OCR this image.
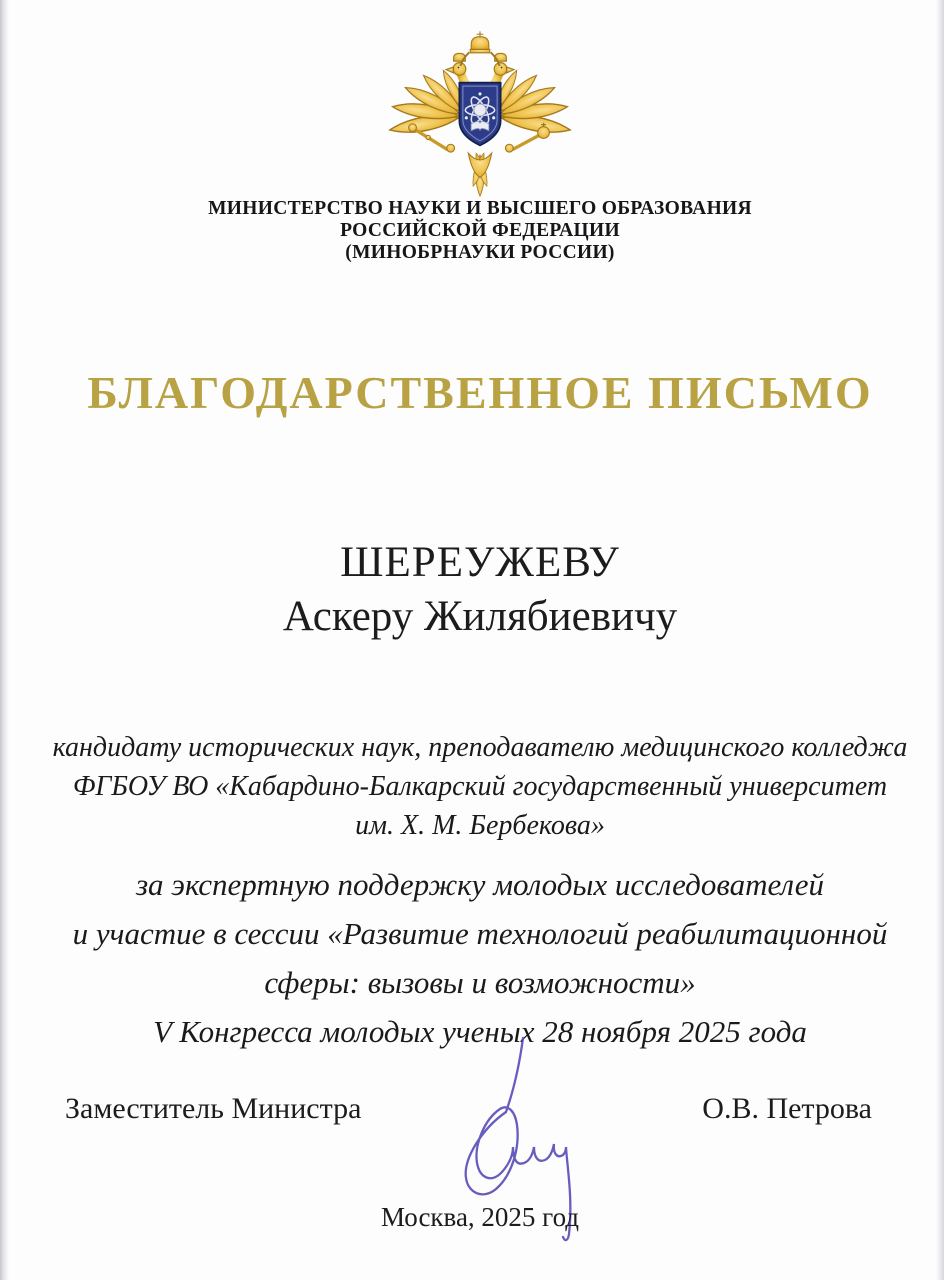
МИНИСТЕРСТВО НАУКИ И ВЫСШЕГО ОБРАЗОВАНИЯ
РОССИЙСКОЙ ФЕДЕРАЦИИ
(МИНОБРНАУКИ РОССИИ)
БЛАГОДАРСТВЕННОЕ ПИСЬМО
ШЕРЕУЖЕВУ
Аскеру Жилябиевичу
кандидату исторических наук, преподавателю медицинского колледжа
ФГБОУ ВО «Кабардино-Балкарский государственный университет
им. Х. М. Бербекова»
за экспертную поддержку молодых исследователей
и участие в сессии «Развитие технологий реабилитационной
сферы: вызовы и возможности»
V Конгресса молодых ученых 28 ноября 2025 года
Заместитель Министра	О.В. Петрова
Москва, 2025 год
